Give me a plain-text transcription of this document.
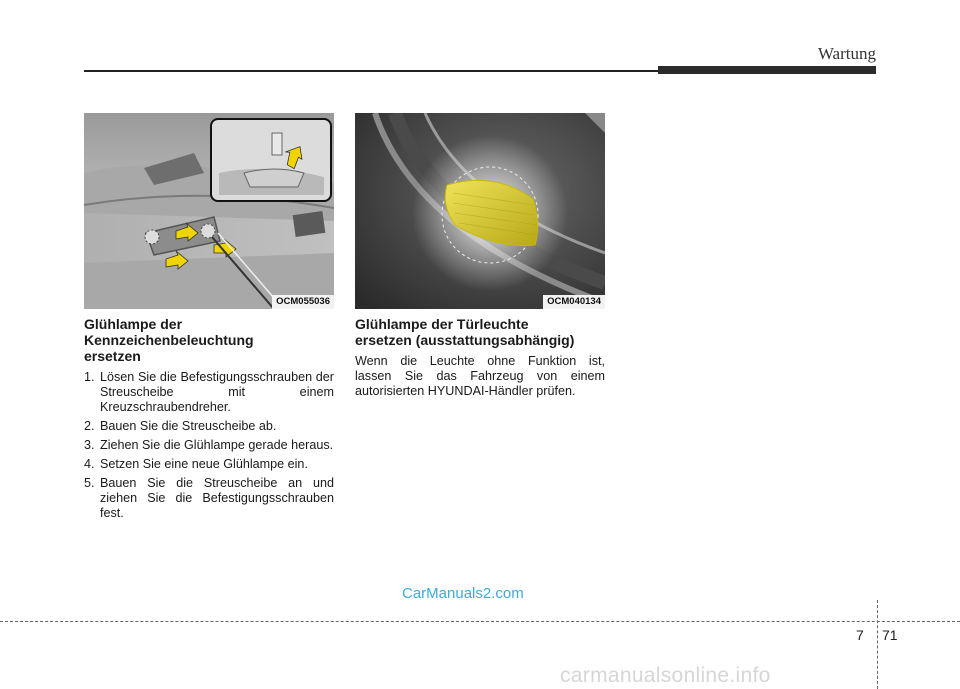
Wartung
OCM055036	OCM040134
Glühlampe der
Kennzeichenbeleuchtung
ersetzen
1. Lösen Sie die Befestigungsschrauben der Streuscheibe mit einem Kreuzschraubendreher.
2. Bauen Sie die Streuscheibe ab.
3. Ziehen Sie die Glühlampe gerade heraus.
4. Setzen Sie eine neue Glühlampe ein.
5. Bauen Sie die Streuscheibe an und ziehen Sie die Befestigungsschrauben fest.
Glühlampe der Türleuchte
ersetzen (ausstattungsabhängig)

Wenn die Leuchte ohne Funktion ist,
lassen Sie das Fahrzeug von einem
autorisierten HYUNDAI-Händler prüfen.

CarManuals2.com
7 71
carmanualsonline.info
